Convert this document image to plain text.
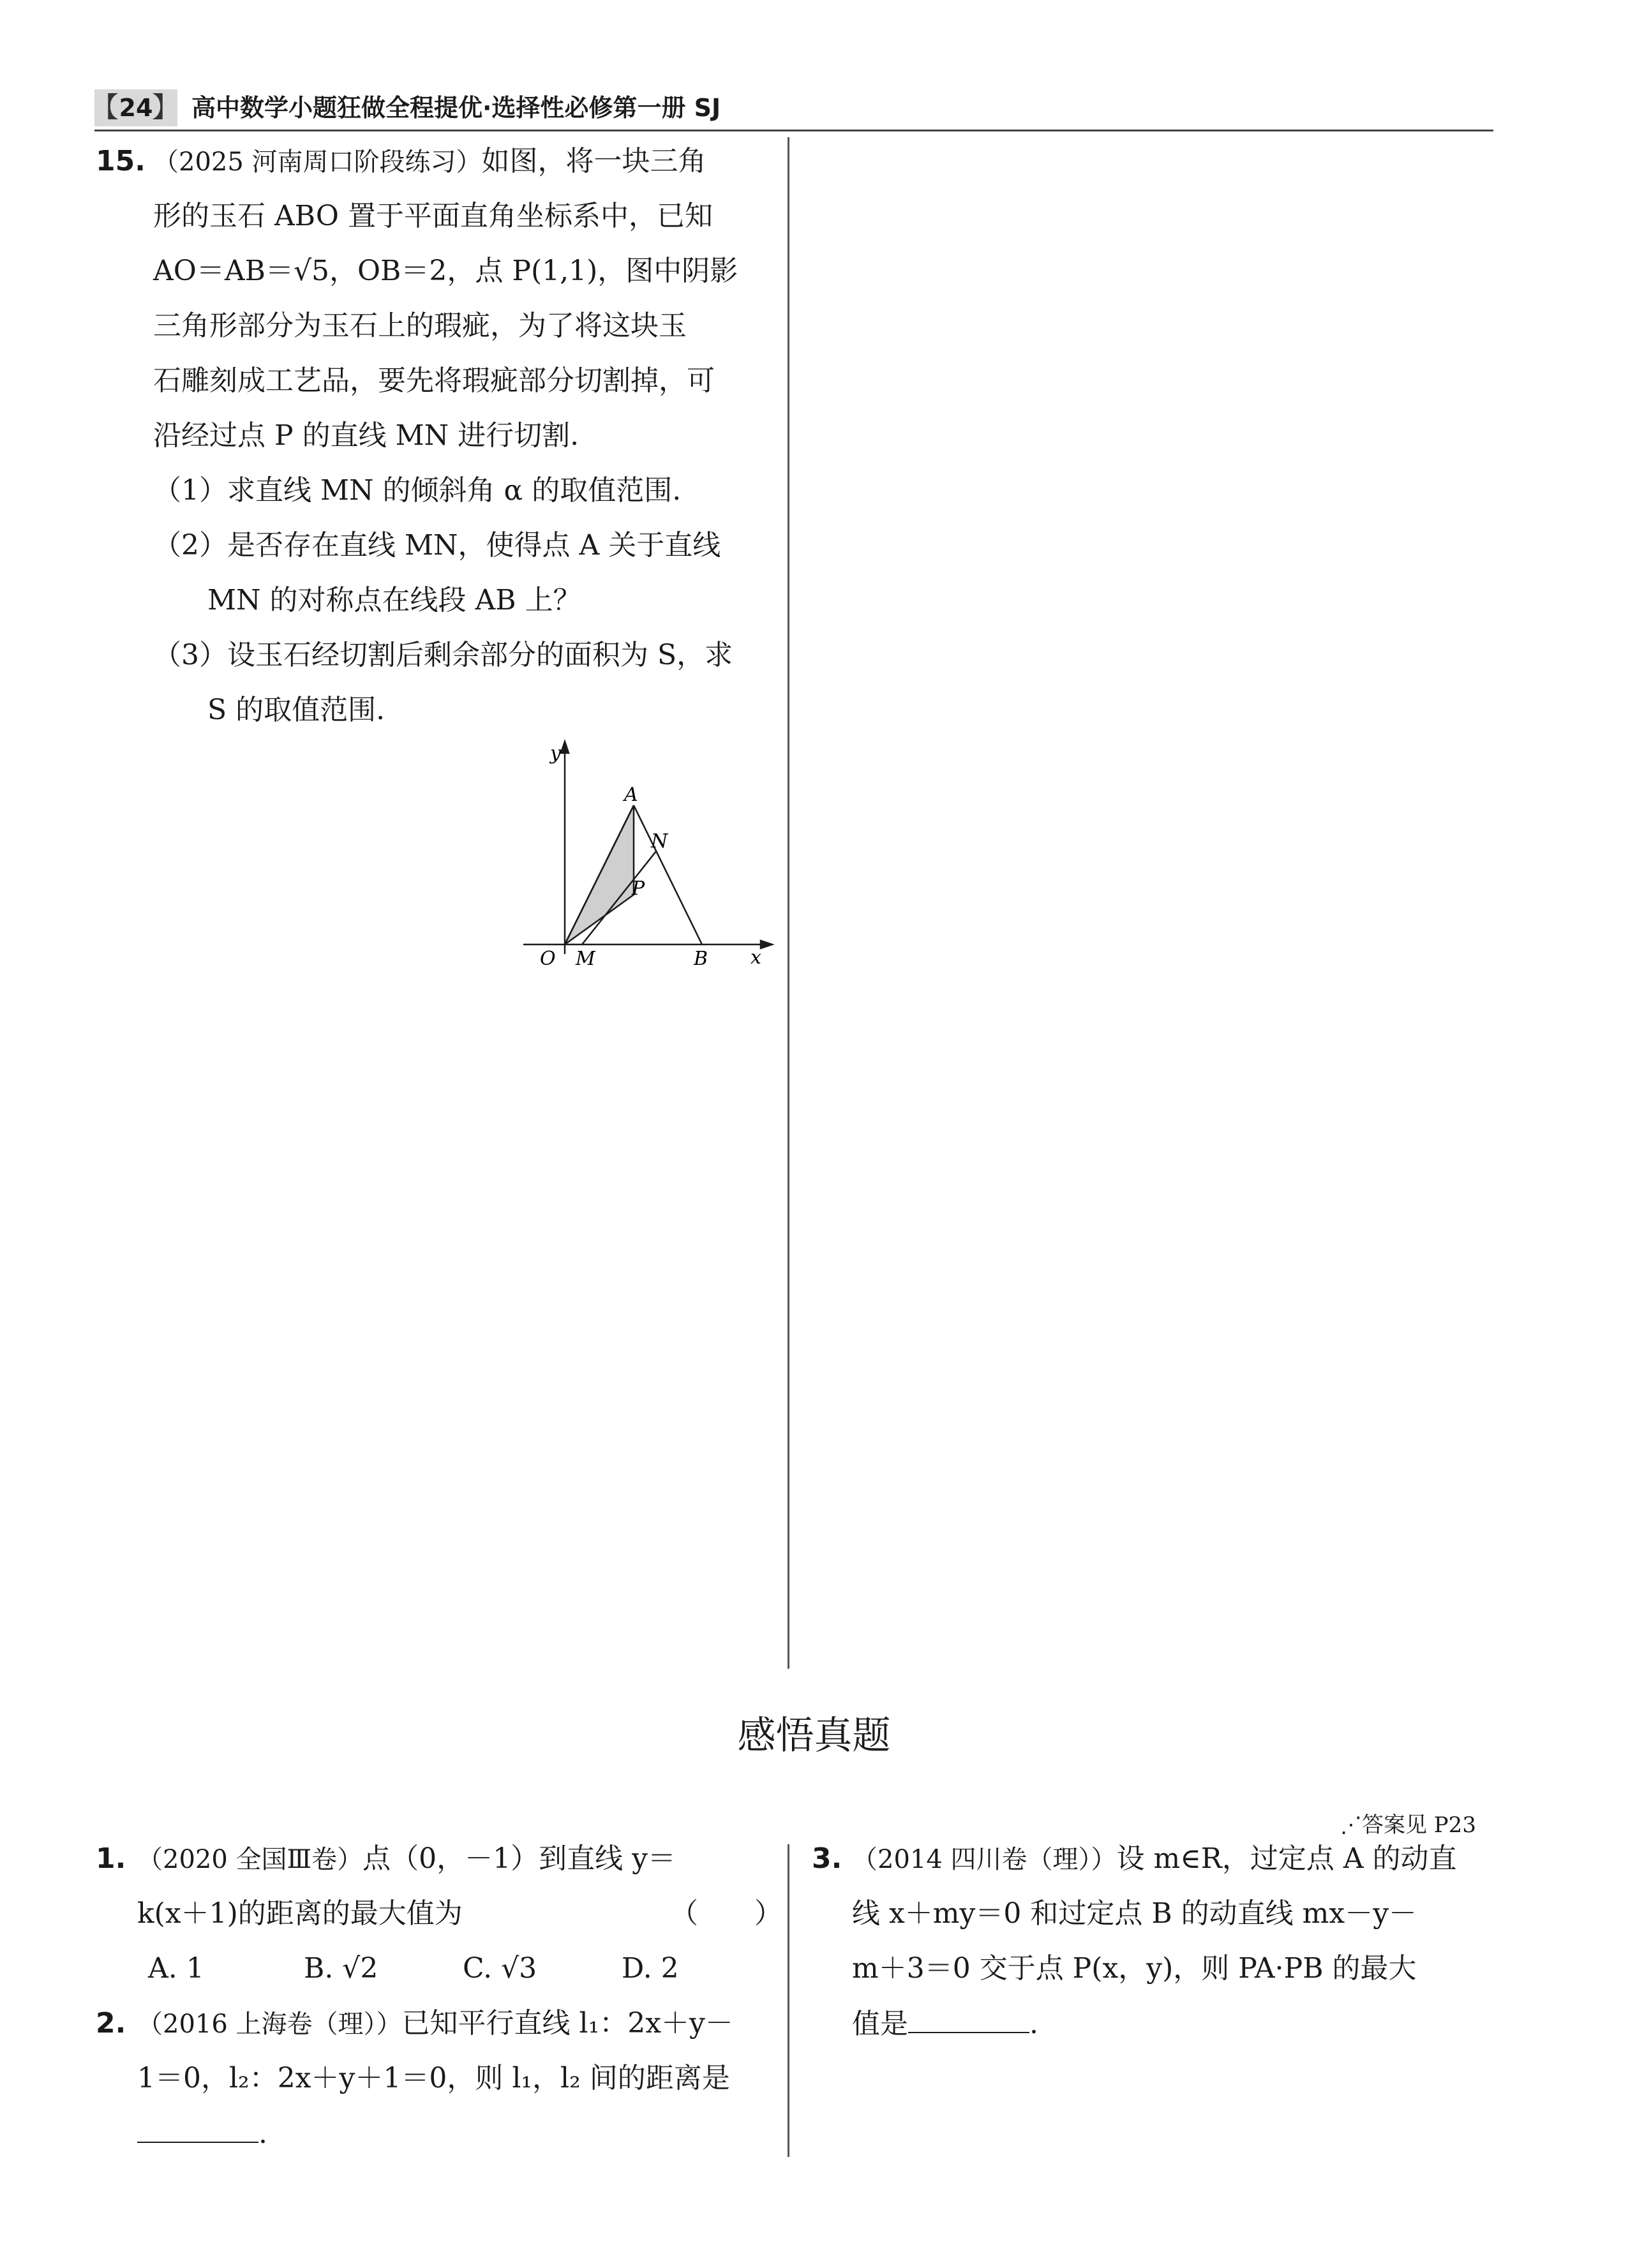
【 24
】 高中数学小题狂做全程提优·选择性必修第一册 SJ
15. （2025 河南周口阶段练习）如图，将一块三角
形的玉石 ABO 置于平面直角坐标系中，已知
AO＝AB＝√5，OB＝2，点 P(1,1)，图中阴影
三角形部分为玉石上的瑕疵，为了将这块玉
石雕刻成工艺品，要先将瑕疵部分切割掉，可
沿经过点 P 的直线 MN 进行切割.
（1）求直线 MN 的倾斜角 α 的取值范围.
（2）是否存在直线 MN，使得点 A 关于直线
MN 的对称点在线段 AB 上？
（3）设玉石经切割后剩余部分的面积为 S，求
S 的取值范围.
y
x
A
N
P
O M	B
感悟真题
⋰答案见 P23
1. （2020 全国Ⅲ卷）点（0，－1）到直线 y＝
k(x＋1)的距离的最大值为	（　　）
A. 1	B. √2	C. √3	D. 2
2. （2016 上海卷（理））已知平行直线 l₁：2x＋y－
1＝0，l₂：2x＋y＋1＝0，则 l₁，l₂ 间的距离是
.
3. （2014 四川卷（理））设 m∈R，过定点 A 的动直
线 x＋my＝0 和过定点 B 的动直线 mx－y－
m＋3＝0 交于点 P(x，y)，则 PA·PB 的最大
值是	.
